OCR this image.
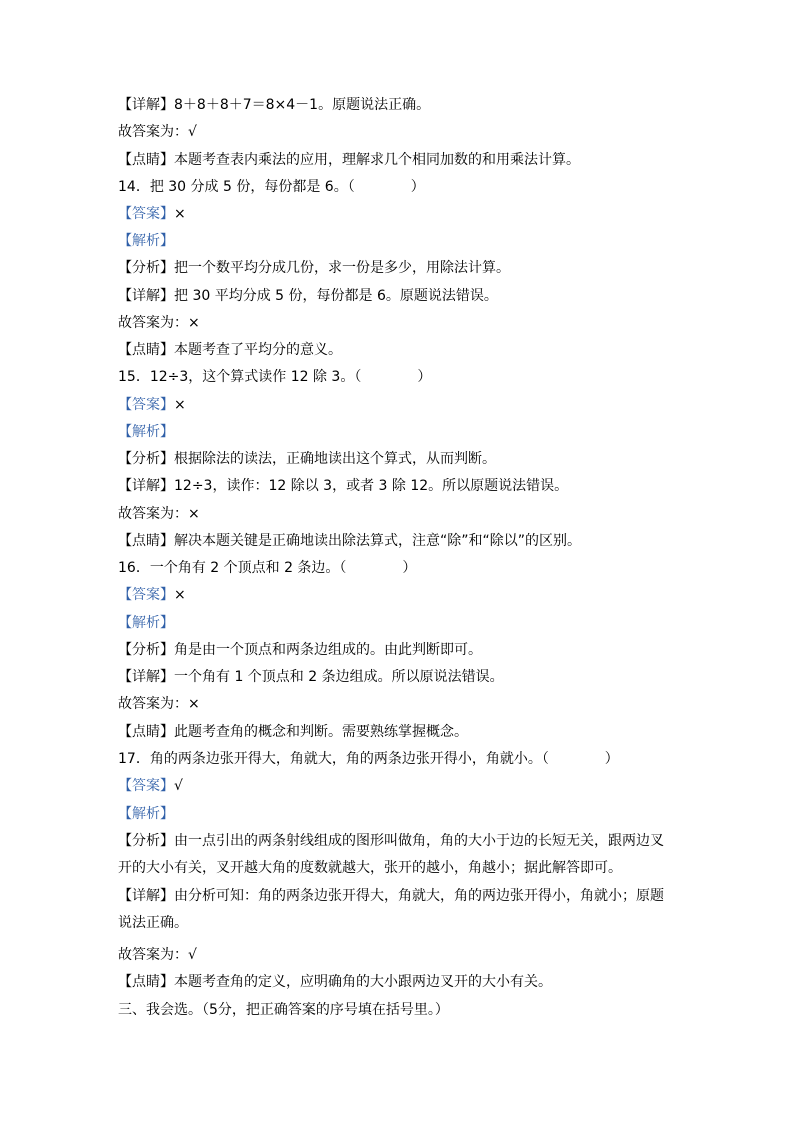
【详解】8＋8＋8＋7＝8×4－1。原题说法正确。
故答案为：√
【点睛】本题考查表内乘法的应用，理解求几个相同加数的和用乘法计算。
14．把 30 分成 5 份，每份都是 6。（　　　　）
【答案】×
【解析】
【分析】把一个数平均分成几份，求一份是多少，用除法计算。
【详解】把 30 平均分成 5 份，每份都是 6。原题说法错误。
故答案为：×
【点睛】本题考查了平均分的意义。
15．12÷3，这个算式读作 12 除 3。（　　　　）
【答案】×
【解析】
【分析】根据除法的读法，正确地读出这个算式，从而判断。
【详解】12÷3，读作：12 除以 3，或者 3 除 12。所以原题说法错误。
故答案为：×
【点睛】解决本题关键是正确地读出除法算式，注意“除”和“除以”的区别。
16．一个角有 2 个顶点和 2 条边。（　　　　）
【答案】×
【解析】
【分析】角是由一个顶点和两条边组成的。由此判断即可。
【详解】一个角有 1 个顶点和 2 条边组成。所以原说法错误。
故答案为：×
【点睛】此题考查角的概念和判断。需要熟练掌握概念。
17．角的两条边张开得大，角就大，角的两条边张开得小，角就小。（　　　　）
【答案】√
【解析】
【分析】由一点引出的两条射线组成的图形叫做角，角的大小于边的长短无关，跟两边叉
开的大小有关，叉开越大角的度数就越大，张开的越小，角越小；据此解答即可。
【详解】由分析可知：角的两条边张开得大，角就大，角的两边张开得小，角就小；原题
说法正确。
故答案为：√
【点睛】本题考查角的定义，应明确角的大小跟两边叉开的大小有关。
三、我会选。（5分，把正确答案的序号填在括号里。）
